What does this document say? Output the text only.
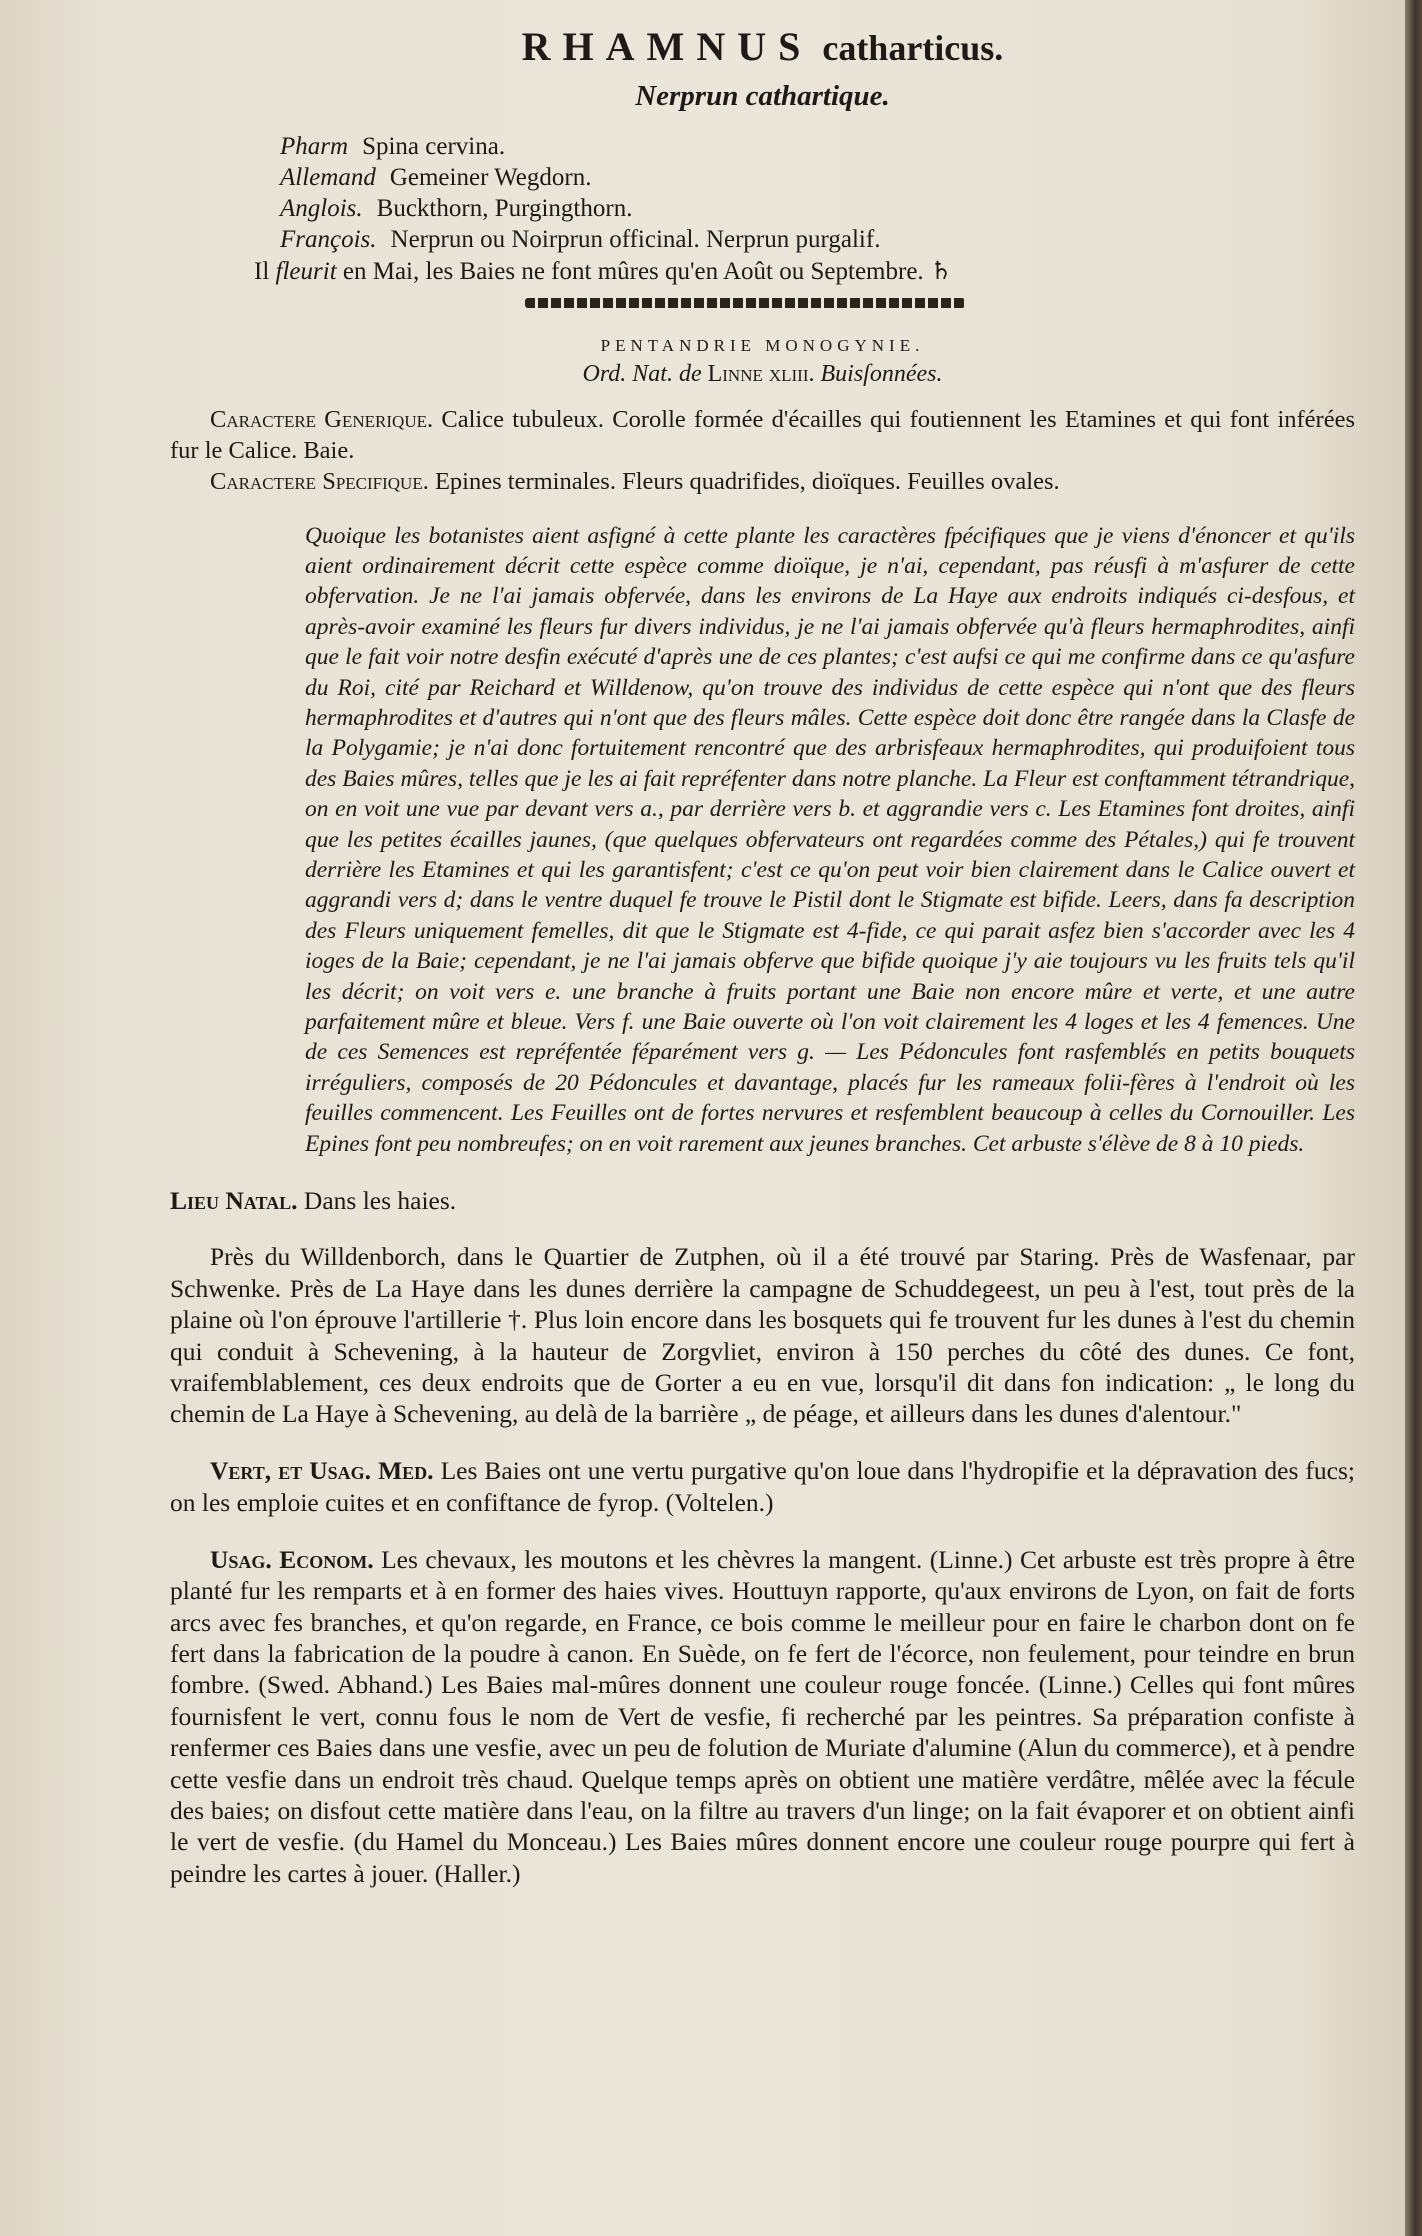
RHAMNUS catharticus.
Nerprun cathartique.
Pharm Spina cervina.
Allemand Gemeiner Wegdorn.
Anglois. Buckthorn, Purgingthorn.
François. Nerprun ou Noirprun officinal. Nerprun purgalif.
Il fleurit en Mai, les Baies ne font mûres qu'en Août ou Septembre. ♄
PENTANDRIE MONOGYNIE.
Ord. Nat. de Linne xliii. Buisſonnées.

Caractere Generique. Calice tubuleux. Corolle formée d'écailles qui foutiennent les Etamines et qui font inférées fur le Calice. Baie.

Caractere Specifique. Epines terminales. Fleurs quadrifides, dioïques. Feuilles ovales.

Quoique les botanistes aient asfigné à cette plante les caractères fpécifiques que je viens d'énoncer et qu'ils aient ordinairement décrit cette espèce comme dioïque, je n'ai, cependant, pas réusfi à m'asfurer de cette obfervation. Je ne l'ai jamais obfervée, dans les environs de La Haye aux endroits indiqués ci-desfous, et après-avoir examiné les fleurs fur divers individus, je ne l'ai jamais obfervée qu'à fleurs hermaphrodites, ainfi que le fait voir notre desfin exécuté d'après une de ces plantes; c'est aufsi ce qui me confirme dans ce qu'asfure du Roi, cité par Reichard et Willdenow, qu'on trouve des individus de cette espèce qui n'ont que des fleurs hermaphrodites et d'autres qui n'ont que des fleurs mâles. Cette espèce doit donc être rangée dans la Clasfe de la Polygamie; je n'ai donc fortuitement rencontré que des arbrisfeaux hermaphrodites, qui produifoient tous des Baies mûres, telles que je les ai fait repréfenter dans notre planche. La Fleur est conftamment tétrandrique, on en voit une vue par devant vers a., par derrière vers b. et aggrandie vers c. Les Etamines font droites, ainfi que les petites écailles jaunes, (que quelques obfervateurs ont regardées comme des Pétales,) qui fe trouvent derrière les Etamines et qui les garantisfent; c'est ce qu'on peut voir bien clairement dans le Calice ouvert et aggrandi vers d; dans le ventre duquel fe trouve le Pistil dont le Stigmate est bifide. Leers, dans fa description des Fleurs uniquement femelles, dit que le Stigmate est 4-fide, ce qui parait asfez bien s'accorder avec les 4 ioges de la Baie; cependant, je ne l'ai jamais obferve que bifide quoique j'y aie toujours vu les fruits tels qu'il les décrit; on voit vers e. une branche à fruits portant une Baie non encore mûre et verte, et une autre parfaitement mûre et bleue. Vers f. une Baie ouverte où l'on voit clairement les 4 loges et les 4 femences. Une de ces Semences est repréfentée féparément vers g. — Les Pédoncules font rasfemblés en petits bouquets irréguliers, composés de 20 Pédoncules et davantage, placés fur les rameaux folii-fères à l'endroit où les feuilles commencent. Les Feuilles ont de fortes nervures et resfemblent beaucoup à celles du Cornouiller. Les Epines font peu nombreufes; on en voit rarement aux jeunes branches. Cet arbuste s'élève de 8 à 10 pieds.

Lieu Natal. Dans les haies.

Près du Willdenborch, dans le Quartier de Zutphen, où il a été trouvé par Staring. Près de Wasfenaar, par Schwenke. Près de La Haye dans les dunes derrière la campagne de Schuddegeest, un peu à l'est, tout près de la plaine où l'on éprouve l'artillerie †. Plus loin encore dans les bosquets qui fe trouvent fur les dunes à l'est du chemin qui conduit à Schevening, à la hauteur de Zorgvliet, environ à 150 perches du côté des dunes. Ce font, vraifemblablement, ces deux endroits que de Gorter a eu en vue, lorsqu'il dit dans fon indication: „ le long du chemin de La Haye à Schevening, au delà de la barrière „ de péage, et ailleurs dans les dunes d'alentour."

Vert, et Usag. Med. Les Baies ont une vertu purgative qu'on loue dans l'hydropifie et la dépravation des fucs; on les emploie cuites et en confiftance de fyrop. (Voltelen.)

Usag. Econom. Les chevaux, les moutons et les chèvres la mangent. (Linne.) Cet arbuste est très propre à être planté fur les remparts et à en former des haies vives. Houttuyn rapporte, qu'aux environs de Lyon, on fait de forts arcs avec fes branches, et qu'on regarde, en France, ce bois comme le meilleur pour en faire le charbon dont on fe fert dans la fabrication de la poudre à canon. En Suède, on fe fert de l'écorce, non feulement, pour teindre en brun fombre. (Swed. Abhand.) Les Baies mal-mûres donnent une couleur rouge foncée. (Linne.) Celles qui font mûres fournisfent le vert, connu fous le nom de Vert de vesfie, fi recherché par les peintres. Sa préparation confiste à renfermer ces Baies dans une vesfie, avec un peu de folution de Muriate d'alumine (Alun du commerce), et à pendre cette vesfie dans un endroit très chaud. Quelque temps après on obtient une matière verdâtre, mêlée avec la fécule des baies; on disfout cette matière dans l'eau, on la filtre au travers d'un linge; on la fait évaporer et on obtient ainfi le vert de vesfie. (du Hamel du Monceau.) Les Baies mûres donnent encore une couleur rouge pourpre qui fert à peindre les cartes à jouer. (Haller.)
